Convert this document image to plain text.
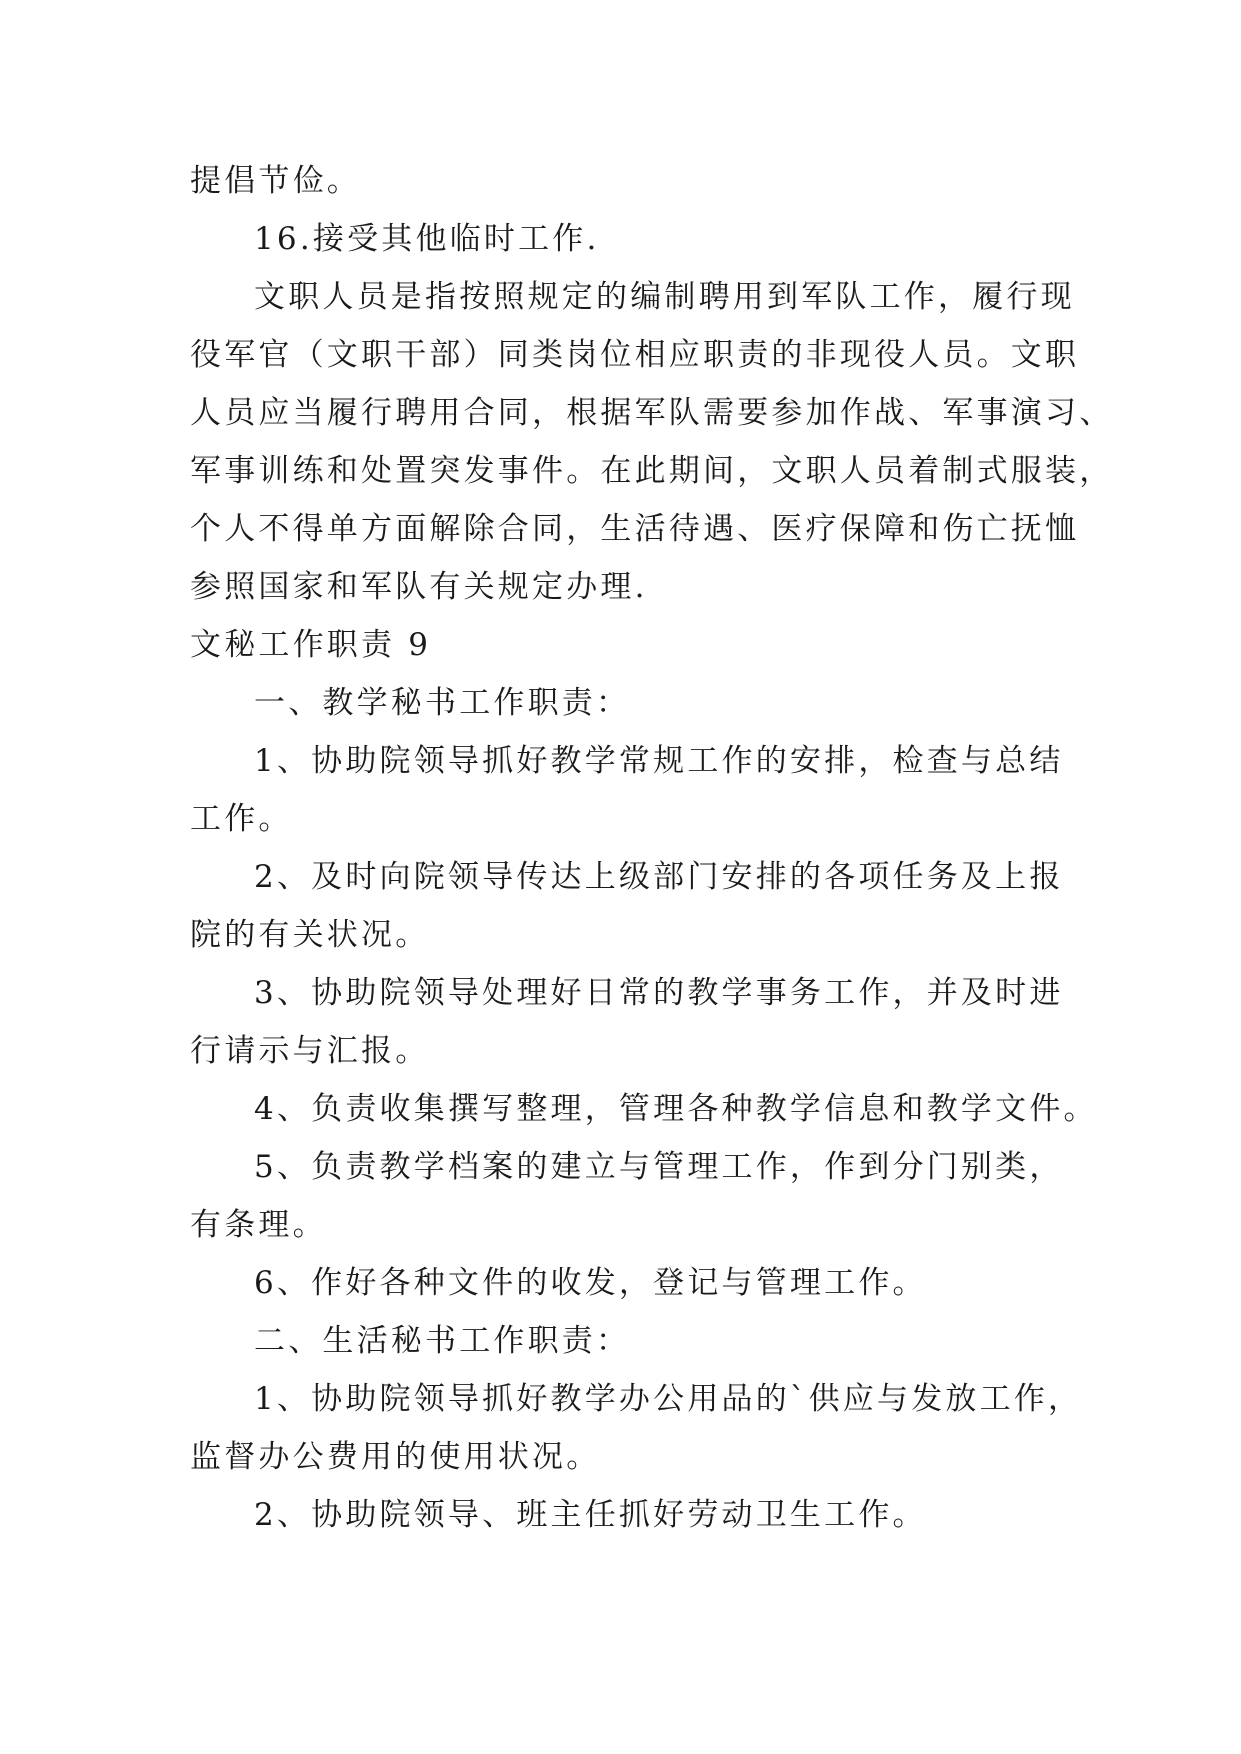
提倡节俭。
16.接受其他临时工作.
文职人员是指按照规定的编制聘用到军队工作，履行现
役军官（文职干部）同类岗位相应职责的非现役人员。文职
人员应当履行聘用合同，根据军队需要参加作战、军事演习、
军事训练和处置突发事件。在此期间，文职人员着制式服装，
个人不得单方面解除合同，生活待遇、医疗保障和伤亡抚恤
参照国家和军队有关规定办理.
文秘工作职责 9
一、教学秘书工作职责：
1、协助院领导抓好教学常规工作的安排，检查与总结
工作。
2、及时向院领导传达上级部门安排的各项任务及上报
院的有关状况。
3、协助院领导处理好日常的教学事务工作，并及时进
行请示与汇报。
4、负责收集撰写整理，管理各种教学信息和教学文件。
5、负责教学档案的建立与管理工作，作到分门别类，
有条理。
6、作好各种文件的收发，登记与管理工作。
二、生活秘书工作职责：
1、协助院领导抓好教学办公用品的`供应与发放工作，
监督办公费用的使用状况。
2、协助院领导、班主任抓好劳动卫生工作。
